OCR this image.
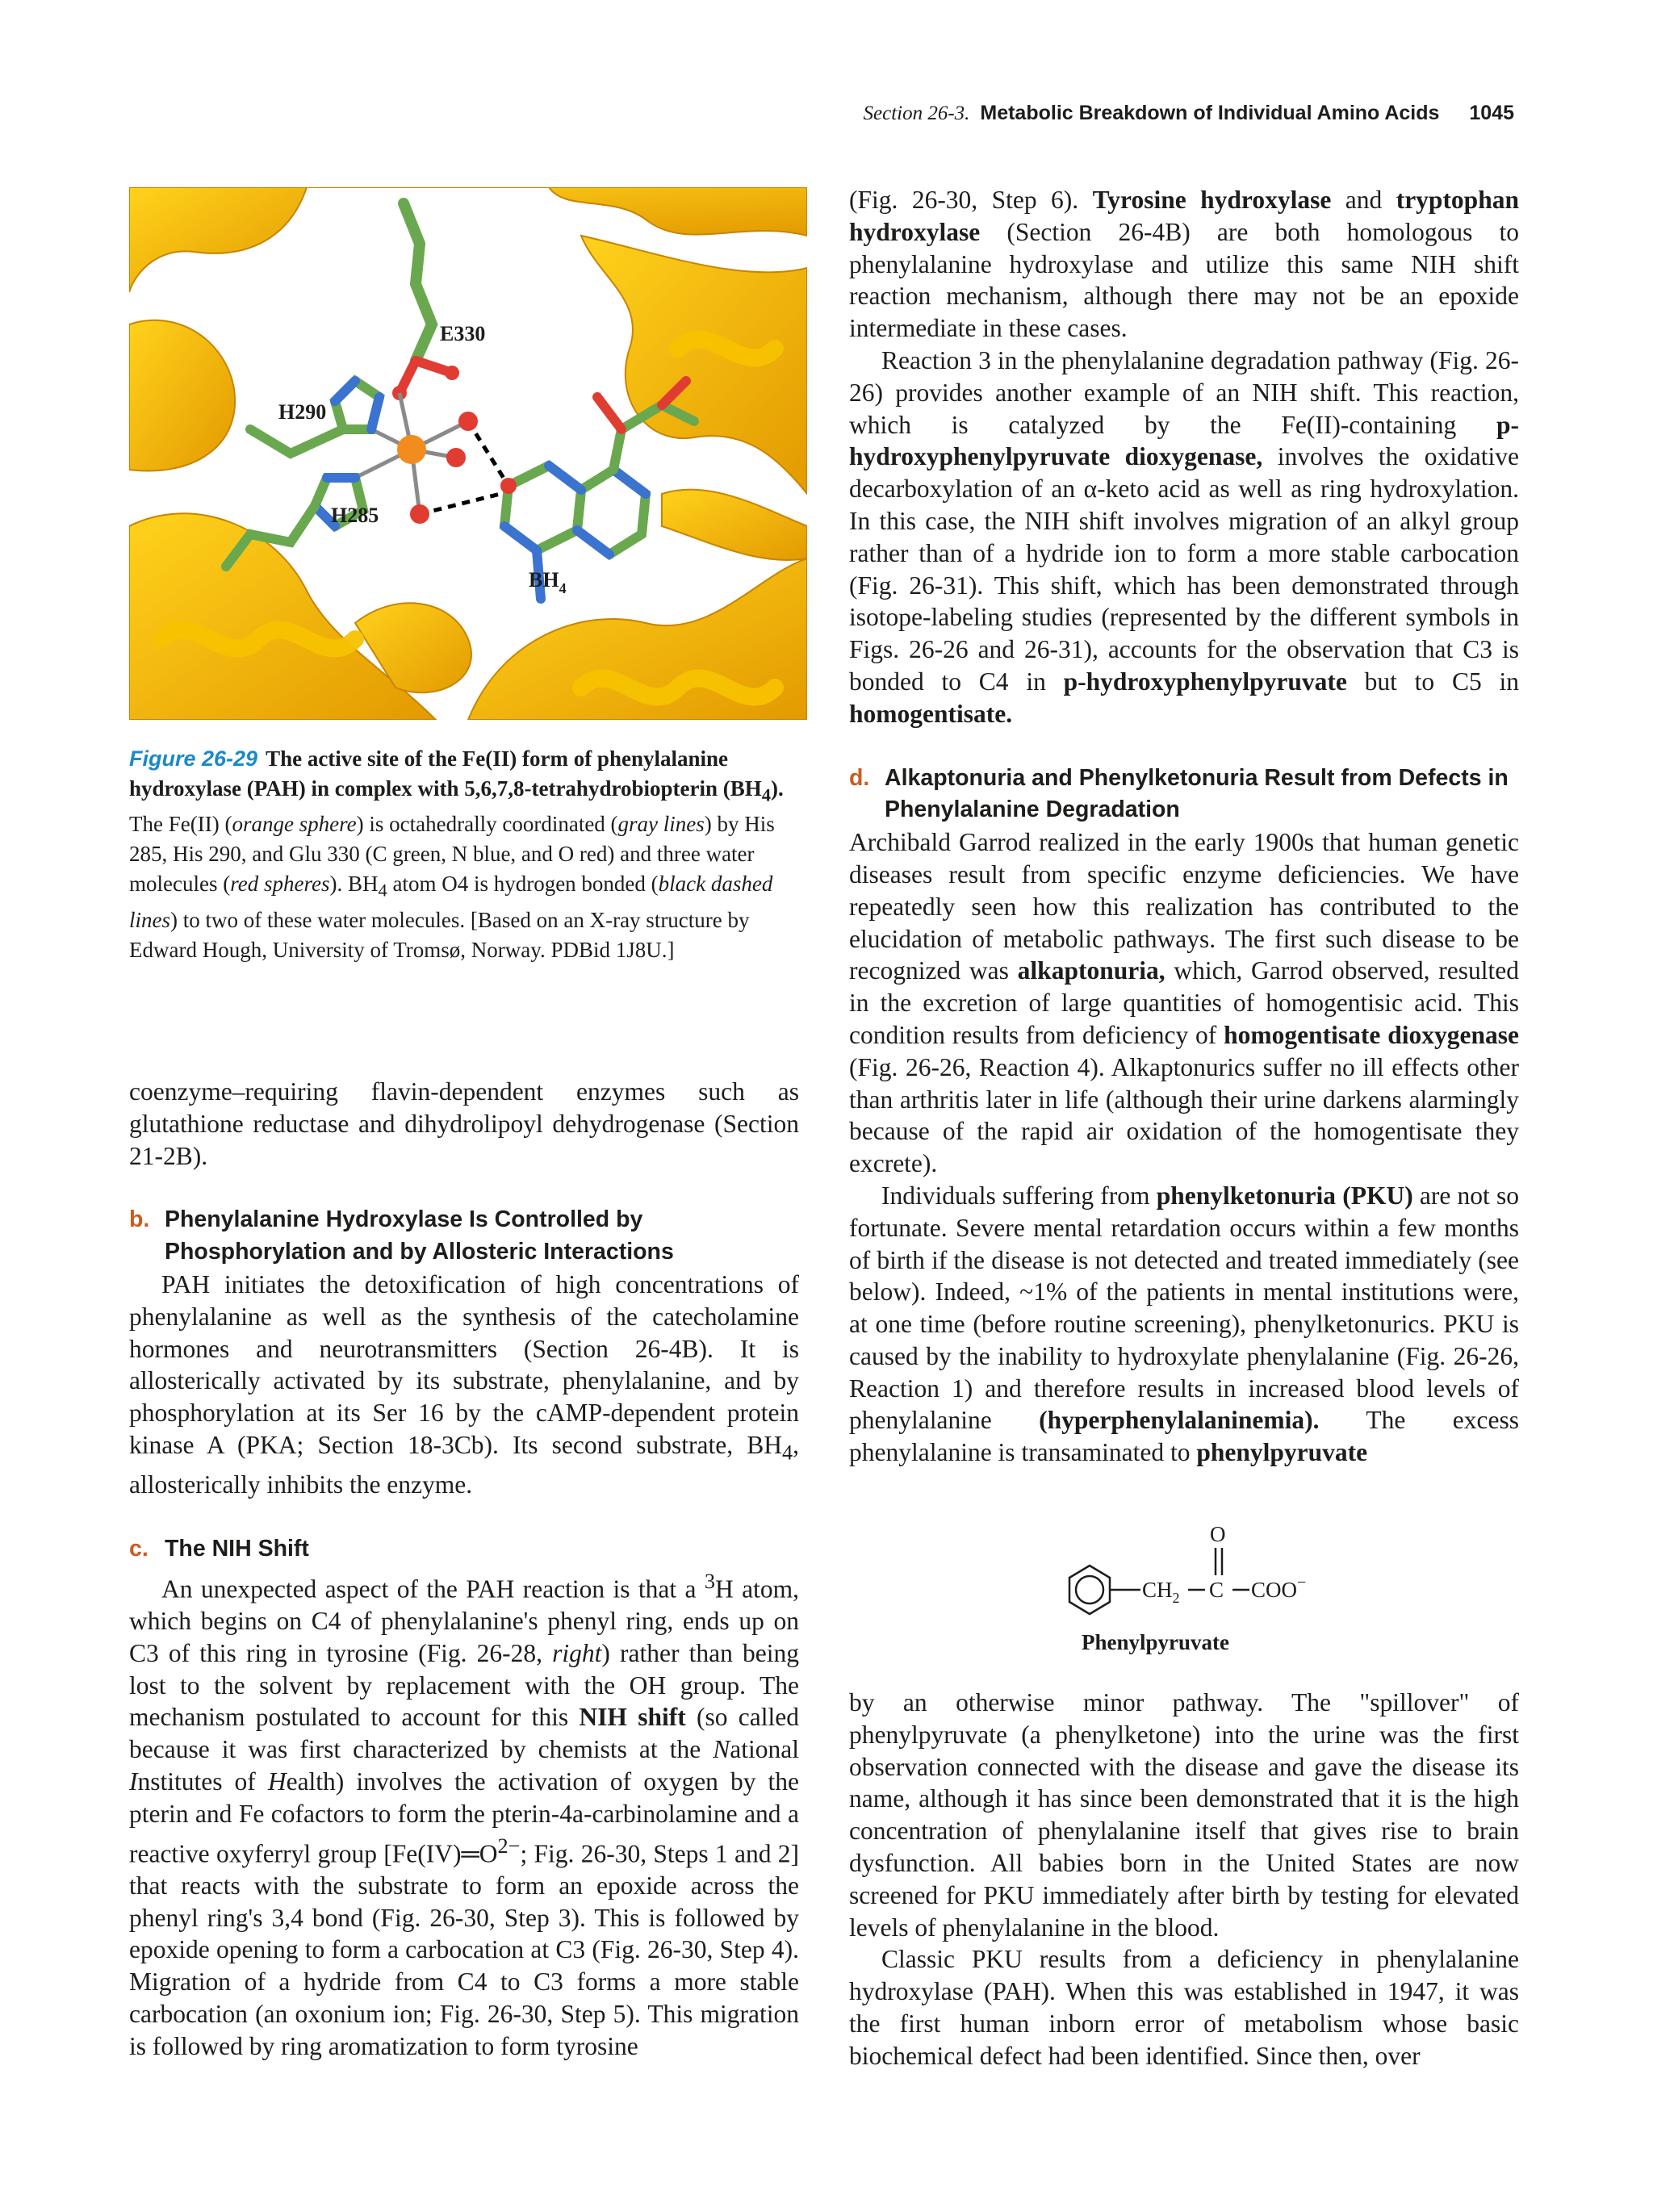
Section 26-3. Metabolic Breakdown of Individual Amino Acids 1045
E330
H290
H285
$BH_4$

Figure 26-29 The active site of the Fe(II) form of phenylalanine hydroxylase (PAH) in complex with 5,6,7,8-tetrahydrobiopterin $(BH_4)$. The Fe(II) (orange sphere) is octahedrally coordinated (gray lines) by His 285, His 290, and Glu 330 (C green, N blue, and O red) and three water molecules (red spheres). $BH_4$ atom O4 is hydrogen bonded (black dashed lines) to two of these water molecules. [Based on an X-ray structure by Edward Hough, University of Tromsø, Norway. PDBid 1J8U.]

coenzyme–requiring flavin-dependent enzymes such as glutathione reductase and dihydrolipoyl dehydrogenase (Section 21-2B).

b. Phenylalanine Hydroxylase Is Controlled by Phosphorylation and by Allosteric Interactions

PAH initiates the detoxification of high concentrations of phenylalanine as well as the synthesis of the catecholamine hormones and neurotransmitters (Section 26-4B). It is allosterically activated by its substrate, phenylalanine, and by phosphorylation at its Ser 16 by the cAMP-dependent protein kinase A (PKA; Section 18-3Cb). Its second substrate, $BH_4$, allosterically inhibits the enzyme.

c. The NIH Shift

An unexpected aspect of the PAH reaction is that a $^3$H atom, which begins on C4 of phenylalanine's phenyl ring, ends up on C3 of this ring in tyrosine (Fig. 26-28, right) rather than being lost to the solvent by replacement with the OH group. The mechanism postulated to account for this NIH shift (so called because it was first characterized by chemists at the National Institutes of Health) involves the activation of oxygen by the pterin and Fe cofactors to form the pterin-4a-carbinolamine and a reactive oxyferryl group [$Fe(IV)═O^{2-}$; Fig. 26-30, Steps 1 and 2] that reacts with the substrate to form an epoxide across the phenyl ring's 3,4 bond (Fig. 26-30, Step 3). This is followed by epoxide opening to form a carbocation at C3 (Fig. 26-30, Step 4). Migration of a hydride from C4 to C3 forms a more stable carbocation (an oxonium ion; Fig. 26-30, Step 5). This migration is followed by ring aromatization to form tyrosine

(Fig. 26-30, Step 6). Tyrosine hydroxylase and tryptophan hydroxylase (Section 26-4B) are both homologous to phenylalanine hydroxylase and utilize this same NIH shift reaction mechanism, although there may not be an epoxide intermediate in these cases.

Reaction 3 in the phenylalanine degradation pathway (Fig. 26-26) provides another example of an NIH shift. This reaction, which is catalyzed by the Fe(II)-containing p-hydroxyphenylpyruvate dioxygenase, involves the oxidative decarboxylation of an α-keto acid as well as ring hydroxylation. In this case, the NIH shift involves migration of an alkyl group rather than of a hydride ion to form a more stable carbocation (Fig. 26-31). This shift, which has been demonstrated through isotope-labeling studies (represented by the different symbols in Figs. 26-26 and 26-31), accounts for the observation that C3 is bonded to C4 in p-hydroxyphenylpyruvate but to C5 in homogentisate.

d. Alkaptonuria and Phenylketonuria Result from Defects in Phenylalanine Degradation

Archibald Garrod realized in the early 1900s that human genetic diseases result from specific enzyme deficiencies. We have repeatedly seen how this realization has contributed to the elucidation of metabolic pathways. The first such disease to be recognized was alkaptonuria, which, Garrod observed, resulted in the excretion of large quantities of homogentisic acid. This condition results from deficiency of homogentisate dioxygenase (Fig. 26-26, Reaction 4). Alkaptonurics suffer no ill effects other than arthritis later in life (although their urine darkens alarmingly because of the rapid air oxidation of the homogentisate they excrete).

Individuals suffering from phenylketonuria (PKU) are not so fortunate. Severe mental retardation occurs within a few months of birth if the disease is not detected and treated immediately (see below). Indeed, ~1% of the patients in mental institutions were, at one time (before routine screening), phenylketonurics. PKU is caused by the inability to hydroxylate phenylalanine (Fig. 26-26, Reaction 1) and therefore results in increased blood levels of phenylalanine (hyperphenylalaninemia). The excess phenylalanine is transaminated to phenylpyruvate

O
$CH_2$ C COO−
Phenylpyruvate

by an otherwise minor pathway. The "spillover" of phenylpyruvate (a phenylketone) into the urine was the first observation connected with the disease and gave the disease its name, although it has since been demonstrated that it is the high concentration of phenylalanine itself that gives rise to brain dysfunction. All babies born in the United States are now screened for PKU immediately after birth by testing for elevated levels of phenylalanine in the blood.

Classic PKU results from a deficiency in phenylalanine hydroxylase (PAH). When this was established in 1947, it was the first human inborn error of metabolism whose basic biochemical defect had been identified. Since then, over
